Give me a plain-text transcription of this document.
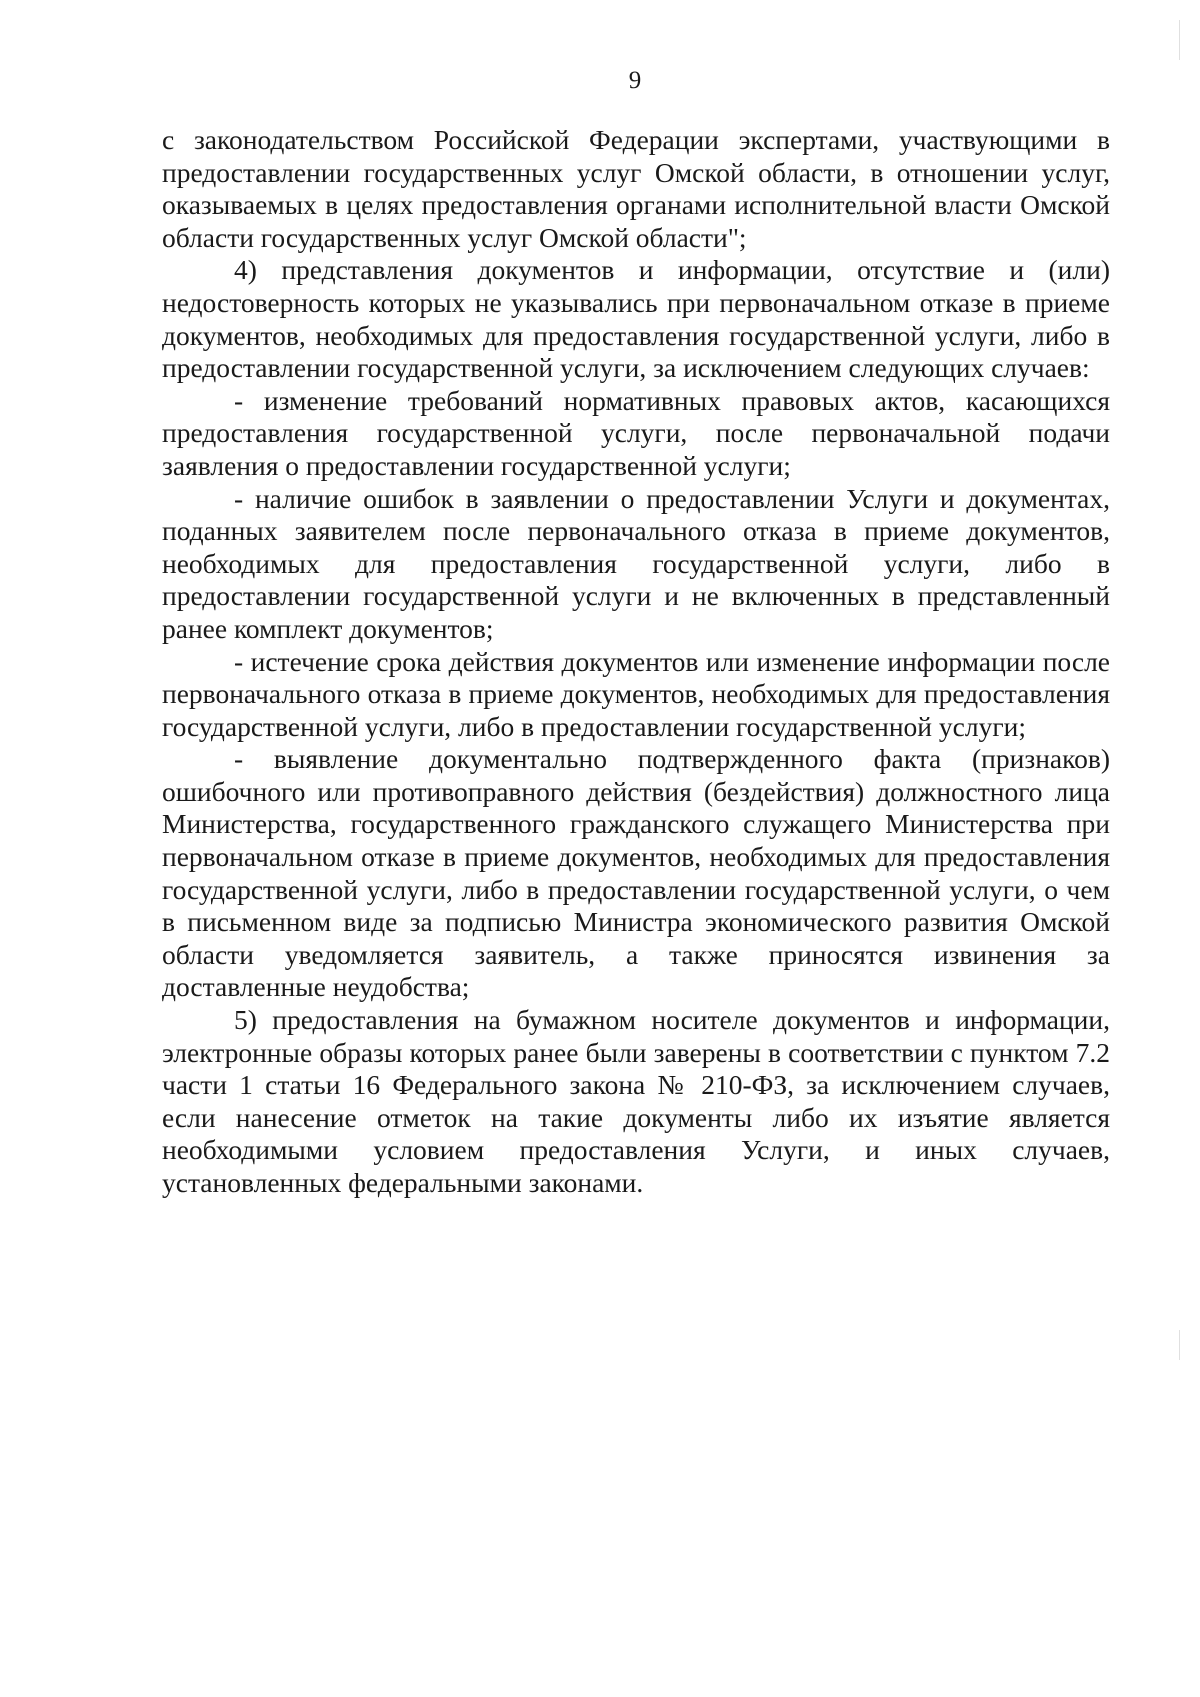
9

с законодательством Российской Федерации экспертами, участвующими в предоставлении государственных услуг Омской области, в отношении услуг, оказываемых в целях предоставления органами исполнительной власти Омской области государственных услуг Омской области";

4) представления документов и информации, отсутствие и (или) недостоверность которых не указывались при первоначальном отказе в приеме документов, необходимых для предоставления государственной услуги, либо в предоставлении государственной услуги, за исключением следующих случаев:

- изменение требований нормативных правовых актов, касающихся предоставления государственной услуги, после первоначальной подачи заявления о предоставлении государственной услуги;

- наличие ошибок в заявлении о предоставлении Услуги и документах, поданных заявителем после первоначального отказа в приеме документов, необходимых для предоставления государственной услуги, либо в предоставлении государственной услуги и не включенных в представленный ранее комплект документов;

- истечение срока действия документов или изменение информации после первоначального отказа в приеме документов, необходимых для предоставления государственной услуги, либо в предоставлении государственной услуги;

- выявление документально подтвержденного факта (признаков) ошибочного или противоправного действия (бездействия) должностного лица Министерства, государственного гражданского служащего Министерства при первоначальном отказе в приеме документов, необходимых для предоставления государственной услуги, либо в предоставлении государственной услуги, о чем в письменном виде за подписью Министра экономического развития Омской области уведомляется заявитель, а также приносятся извинения за доставленные неудобства;

5) предоставления на бумажном носителе документов и информации, электронные образы которых ранее были заверены в соответствии с пунктом 7.2 части 1 статьи 16 Федерального закона № 210-ФЗ, за исключением случаев, если нанесение отметок на такие документы либо их изъятие является необходимыми условием предоставления Услуги, и иных случаев, установленных федеральными законами.
